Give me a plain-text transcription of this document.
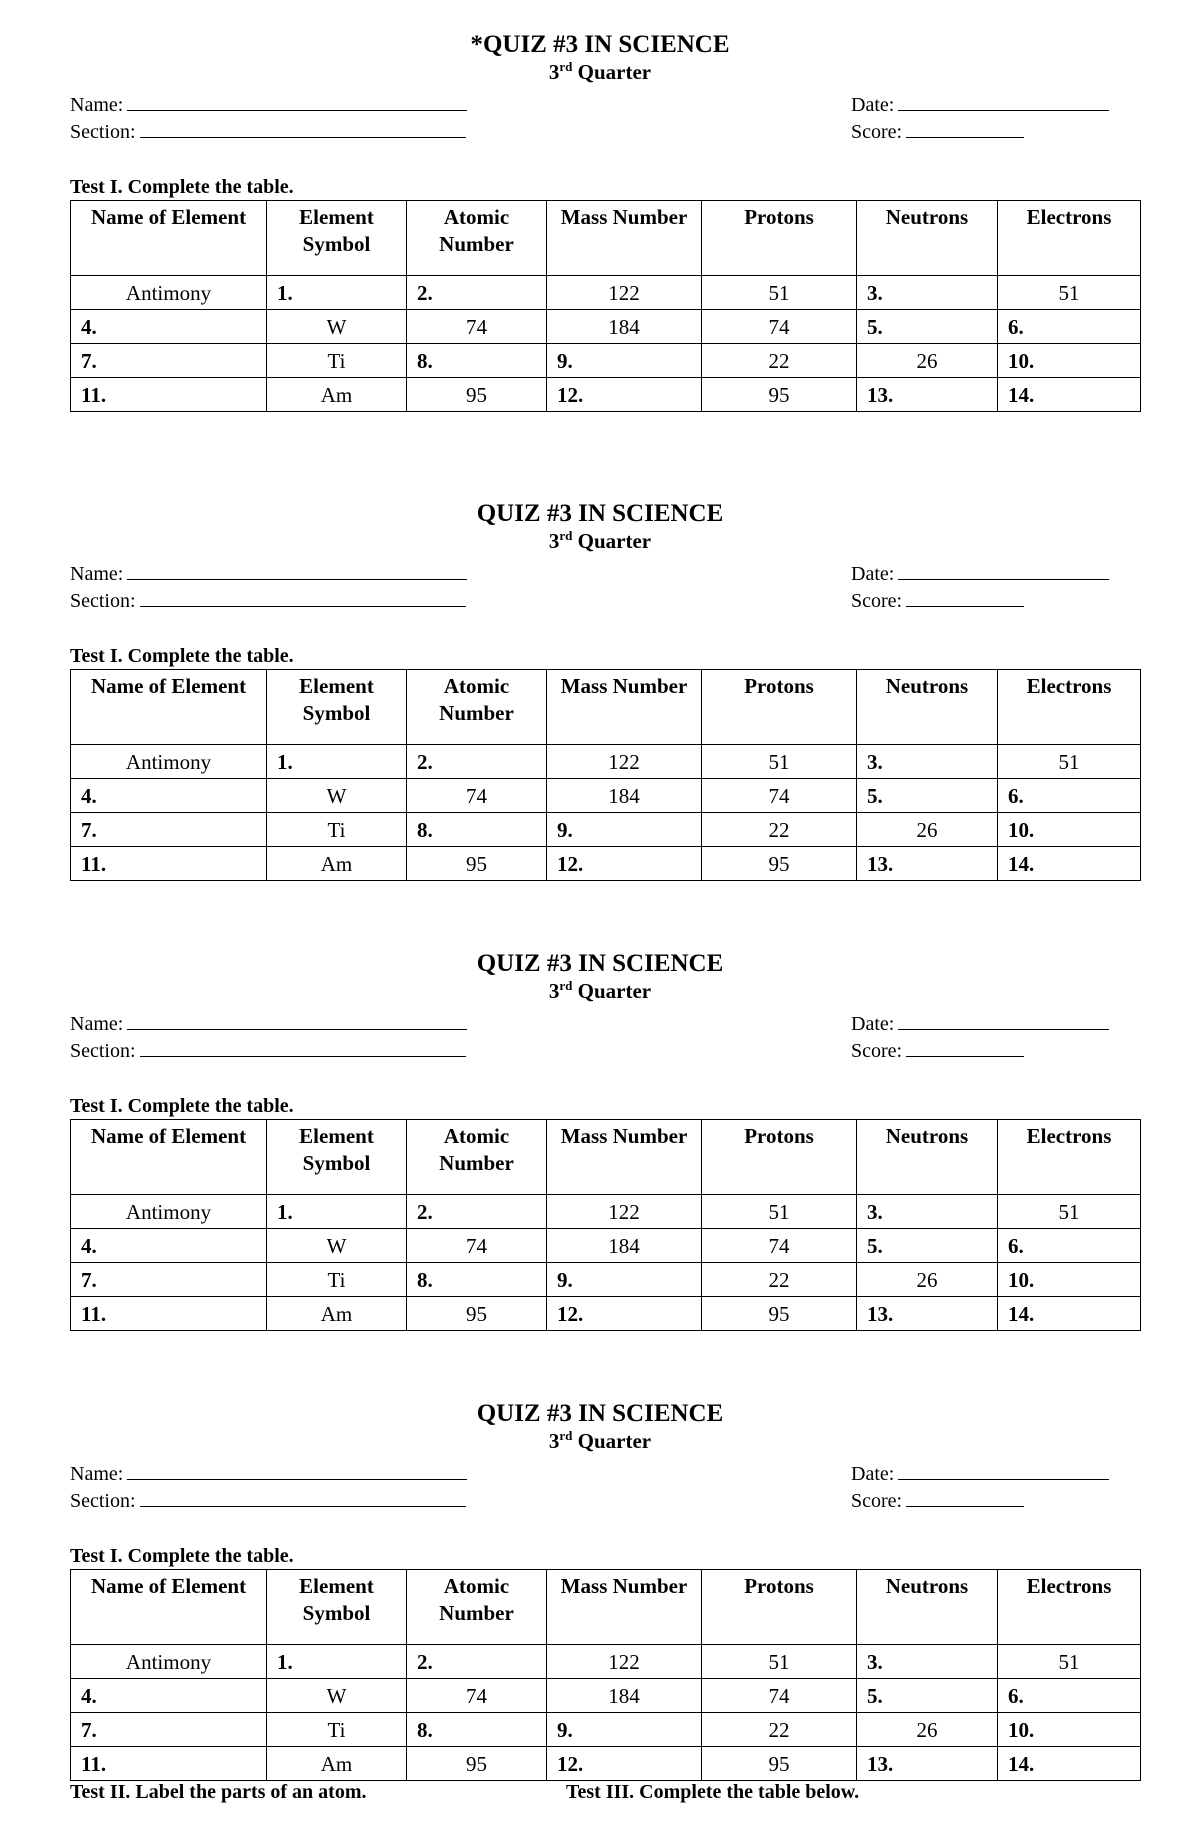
*QUIZ #3 IN SCIENCE
3rd Quarter
Name:
Section:
Date:
Score:
Test I. Complete the table.
Name of Element	Element Symbol	Atomic Number	Mass Number	Protons	Neutrons	Electrons
Antimony	1.	2.	122	51	3.	51
4.	W	74	184	74	5.	6.
7.	Ti	8.	9.	22	26	10.
11.	Am	95	12.	95	13.	14.
QUIZ #3 IN SCIENCE
3rd Quarter
Name:
Section:
Date:
Score:
Test I. Complete the table.
Name of Element	Element Symbol	Atomic Number	Mass Number	Protons	Neutrons	Electrons
Antimony	1.	2.	122	51	3.	51
4.	W	74	184	74	5.	6.
7.	Ti	8.	9.	22	26	10.
11.	Am	95	12.	95	13.	14.
QUIZ #3 IN SCIENCE
3rd Quarter
Name:
Section:
Date:
Score:
Test I. Complete the table.
Name of Element	Element Symbol	Atomic Number	Mass Number	Protons	Neutrons	Electrons
Antimony	1.	2.	122	51	3.	51
4.	W	74	184	74	5.	6.
7.	Ti	8.	9.	22	26	10.
11.	Am	95	12.	95	13.	14.
QUIZ #3 IN SCIENCE
3rd Quarter
Name:
Section:
Date:
Score:
Test I. Complete the table.
Name of Element	Element Symbol	Atomic Number	Mass Number	Protons	Neutrons	Electrons
Antimony	1.	2.	122	51	3.	51
4.	W	74	184	74	5.	6.
7.	Ti	8.	9.	22	26	10.
11.	Am	95	12.	95	13.	14.
Test II. Label the parts of an atom.	Test III. Complete the table below.
